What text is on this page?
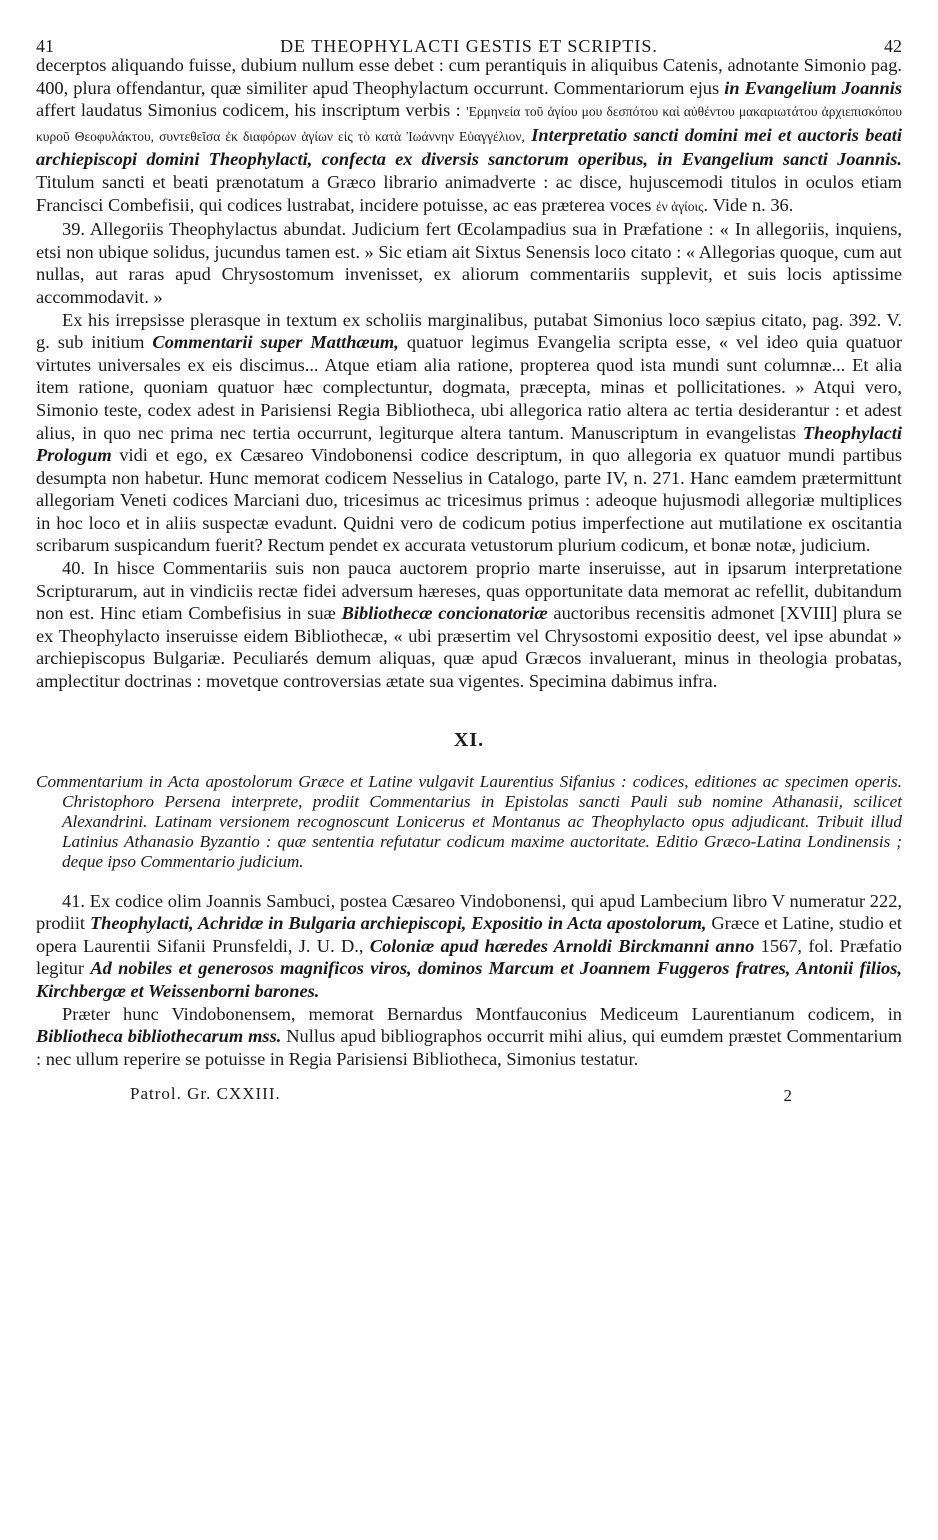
41	DE THEOPHYLACTI GESTIS ET SCRIPTIS.	42

decerptos aliquando fuisse, dubium nullum esse debet : cum perantiquis in aliquibus Catenis, adnotante Simonio pag. 400, plura offendantur, quæ similiter apud Theophylactum occurrunt. Commentariorum ejus in Evangelium Joannis affert laudatus Simonius codicem, his inscriptum verbis : 'Ερμηνεία τοῦ ἁγίου μου δεσπότου καὶ αὐθέντου μακαριωτάτου ἀρχιεπισκόπου κυροῦ Θεοφυλάκτου, συντεθεῖσα ἐκ διαφόρων ἁγίων εἰς τὸ κατὰ Ἰωάννην Εὐαγγέλιον, Interpretatio sancti domini mei et auctoris beati archiepiscopi domini Theophylacti, confecta ex diversis sanctorum operibus, in Evangelium sancti Joannis. Titulum sancti et beati prænotatum a Græco librario animadverte : ac disce, hujuscemodi titulos in oculos etiam Francisci Combefisii, qui codices lustrabat, incidere potuisse, ac eas præterea voces ἐν ἁγίοις. Vide n. 36.

39. Allegoriis Theophylactus abundat. Judicium fert Œcolampadius sua in Præfatione : « In allegoriis, inquiens, etsi non ubique solidus, jucundus tamen est. » Sic etiam ait Sixtus Senensis loco citato : « Allegorias quoque, cum aut nullas, aut raras apud Chrysostomum invenisset, ex aliorum commentariis supplevit, et suis locis aptissime accommodavit. »

Ex his irrepsisse plerasque in textum ex scholiis marginalibus, putabat Simonius loco sæpius citato, pag. 392. V. g. sub initium Commentarii super Matthæum, quatuor legimus Evangelia scripta esse, « vel ideo quia quatuor virtutes universales ex eis discimus... Atque etiam alia ratione, propterea quod ista mundi sunt columnæ... Et alia item ratione, quoniam quatuor hæc complectuntur, dogmata, præcepta, minas et pollicitationes. » Atqui vero, Simonio teste, codex adest in Parisiensi Regia Bibliotheca, ubi allegorica ratio altera ac tertia desiderantur : et adest alius, in quo nec prima nec tertia occurrunt, legiturque altera tantum. Manuscriptum in evangelistas Theophylacti Prologum vidi et ego, ex Cæsareo Vindobonensi codice descriptum, in quo allegoria ex quatuor mundi partibus desumpta non habetur. Hunc memorat codicem Nesselius in Catalogo, parte IV, n. 271. Hanc eamdem prætermittunt allegoriam Veneti codices Marciani duo, tricesimus ac tricesimus primus : adeoque hujusmodi allegoriæ multiplices in hoc loco et in aliis suspectæ evadunt. Quidni vero de codicum potius imperfectione aut mutilatione ex oscitantia scribarum suspicandum fuerit? Rectum pendet ex accurata vetustorum plurium codicum, et bonæ notæ, judicium.

40. In hisce Commentariis suis non pauca auctorem proprio marte inseruisse, aut in ipsarum interpretatione Scripturarum, aut in vindiciis rectæ fidei adversum hæreses, quas opportunitate data memorat ac refellit, dubitandum non est. Hinc etiam Combefisius in suæ Bibliothecæ concionatoriæ auctoribus recensitis admonet [XVIII] plura se ex Theophylacto inseruisse eidem Bibliothecæ, « ubi præsertim vel Chrysostomi expositio deest, vel ipse abundat » archiepiscopus Bulgariæ. Peculiarés demum aliquas, quæ apud Græcos invaluerant, minus in theologia probatas, amplectitur doctrinas : movetque controversias ætate sua vigentes. Specimina dabimus infra.

XI.

Commentarium in Acta apostolorum Græce et Latine vulgavit Laurentius Sifanius : codices, editiones ac specimen operis. Christophoro Persena interprete, prodiit Commentarius in Epistolas sancti Pauli sub nomine Athanasii, scilicet Alexandrini. Latinam versionem recognoscunt Lonicerus et Montanus ac Theophylacto opus adjudicant. Tribuit illud Latinius Athanasio Byzantio : quæ sententia refutatur codicum maxime auctoritate. Editio Græco-Latina Londinensis ; deque ipso Commentario judicium.

41. Ex codice olim Joannis Sambuci, postea Cæsareo Vindobonensi, qui apud Lambecium libro V numeratur 222, prodiit Theophylacti, Achridæ in Bulgaria archiepiscopi, Expositio in Acta apostolorum, Græce et Latine, studio et opera Laurentii Sifanii Prunsfeldi, J. U. D., Coloniæ apud hæredes Arnoldi Birckmanni anno 1567, fol. Præfatio legitur Ad nobiles et generosos magnificos viros, dominos Marcum et Joannem Fuggeros fratres, Antonii filios, Kirchbergæ et Weissenborni barones.

Præter hunc Vindobonensem, memorat Bernardus Montfauconius Mediceum Laurentianum codicem, in Bibliotheca bibliothecarum mss. Nullus apud bibliographos occurrit mihi alius, qui eumdem præstet Commentarium : nec ullum reperire se potuisse in Regia Parisiensi Bibliotheca, Simonius testatur.

Patrol. Gr. CXXIII.	2
